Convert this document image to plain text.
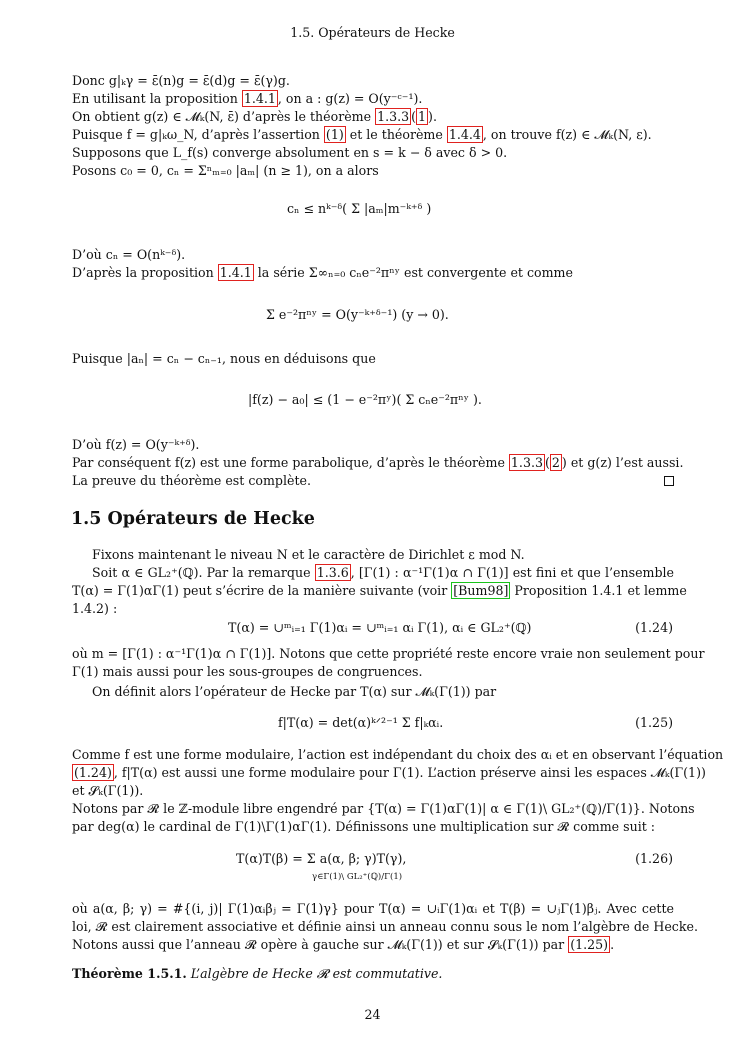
1.5. Opérateurs de Hecke
Donc g|ₖγ = ε̄(n)g = ε̄(d)g = ε̄(γ)g.
En utilisant la proposition 1.4.1 , on a : g(z) = O(y⁻ᶜ⁻¹).
On obtient g(z) ∈ 𝓜ₖ(N, ε̄) d’après le théorème 1.3.3 ( 1 ).
Puisque f = g|ₖω_N, d’après l’assertion (1) et le théorème 1.4.4 , on trouve f(z) ∈ 𝓜ₖ(N, ε).
Supposons que L_f(s) converge absolument en s = k − δ avec δ > 0.
Posons c₀ = 0, cₙ = Σⁿₘ₌₀ |aₘ| (n ≥ 1), on a alors
cₙ ≤ nᵏ⁻ᵟ( Σ |aₘ|m⁻ᵏ⁺ᵟ )
D’où cₙ = O(nᵏ⁻ᵟ).
D’après la proposition 1.4.1 la série Σ∞ₙ₌₀ cₙe⁻²πⁿʸ est convergente et comme
Σ e⁻²πⁿʸ = O(y⁻ᵏ⁺ᵟ⁻¹) (y → 0).
Puisque |aₙ| = cₙ − cₙ₋₁, nous en déduisons que
|f(z) − a₀| ≤ (1 − e⁻²πʸ)( Σ cₙe⁻²πⁿʸ ).
D’où f(z) = O(y⁻ᵏ⁺ᵟ).
Par conséquent f(z) est une forme parabolique, d’après le théorème 1.3.3 ( 2 ) et g(z) l’est aussi.
La preuve du théorème est complète.
1.5 Opérateurs de Hecke
Fixons maintenant le niveau N et le caractère de Dirichlet ε mod N.
Soit α ∈ GL₂⁺(ℚ). Par la remarque 1.3.6 , [Γ(1) : α⁻¹Γ(1)α ∩ Γ(1)] est fini et que l’ensemble
T(α) = Γ(1)αΓ(1) peut s’écrire de la manière suivante (voir [Bum98] Proposition 1.4.1 et lemme
1.4.2) :
T(α) = ∪ᵐᵢ₌₁ Γ(1)αᵢ = ∪ᵐᵢ₌₁ αᵢ Γ(1), αᵢ ∈ GL₂⁺(ℚ)	(1.24)
où m = [Γ(1) : α⁻¹Γ(1)α ∩ Γ(1)]. Notons que cette propriété reste encore vraie non seulement pour
Γ(1) mais aussi pour les sous-groupes de congruences.
On définit alors l’opérateur de Hecke par T(α) sur 𝓜ₖ(Γ(1)) par
f|T(α) = det(α)ᵏᐟ²⁻¹ Σ f|ₖαᵢ.	(1.25)
Comme f est une forme modulaire, l’action est indépendant du choix des αᵢ et en observant l’équation
(1.24) , f|T(α) est aussi une forme modulaire pour Γ(1). L’action préserve ainsi les espaces 𝓜ₖ(Γ(1))
et 𝓢ₖ(Γ(1)).
Notons par 𝓡 le ℤ-module libre engendré par {T(α) = Γ(1)αΓ(1)| α ∈ Γ(1)\ GL₂⁺(ℚ)/Γ(1)}. Notons
par deg(α) le cardinal de Γ(1)\Γ(1)αΓ(1). Définissons une multiplication sur 𝓡 comme suit :
T(α)T(β) = Σ a(α, β; γ)T(γ),
γ∈Γ(1)\ GL₂⁺(ℚ)/Γ(1)
(1.26)
où a(α, β; γ) = #{(i, j)| Γ(1)αᵢβⱼ = Γ(1)γ} pour T(α) = ∪ᵢΓ(1)αᵢ et T(β) = ∪ⱼΓ(1)βⱼ. Avec cette
loi, 𝓡 est clairement associative et définie ainsi un anneau connu sous le nom l’algèbre de Hecke.
Notons aussi que l’anneau 𝓡 opère à gauche sur 𝓜ₖ(Γ(1)) et sur 𝓢ₖ(Γ(1)) par (1.25) .
Théorème 1.5.1. L’algèbre de Hecke 𝓡 est commutative.
24
